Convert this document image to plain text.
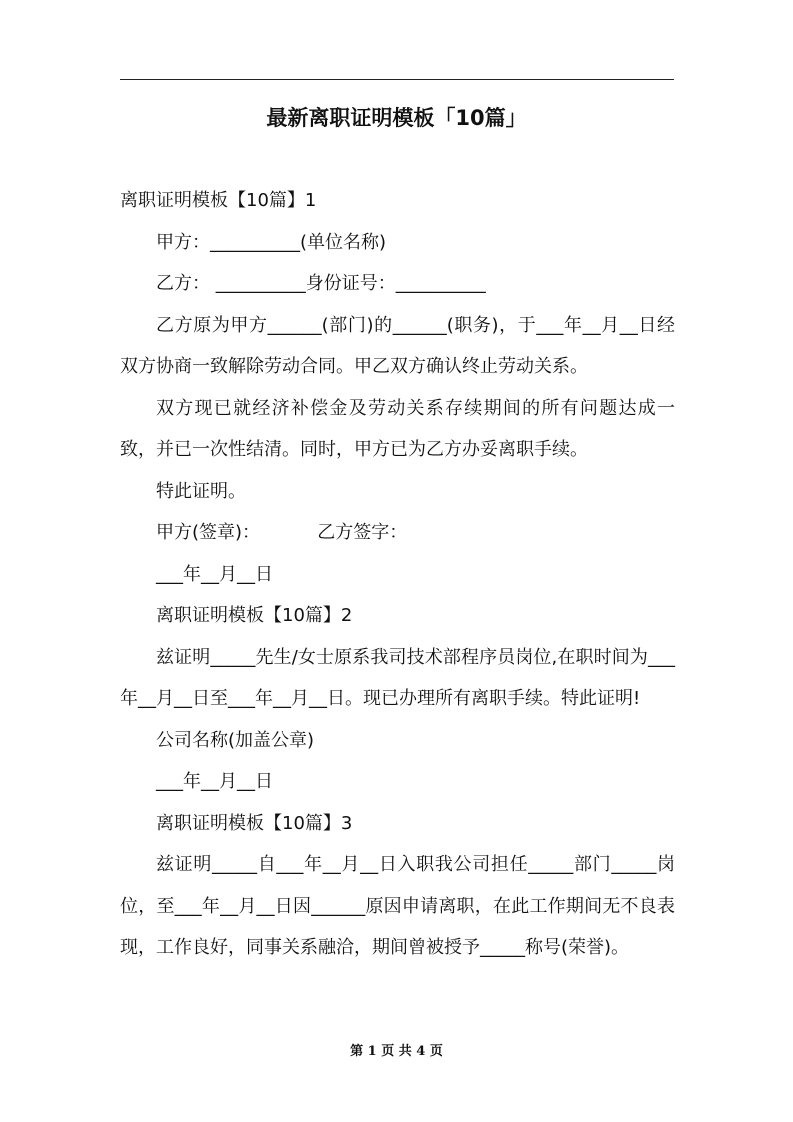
最新离职证明模板「10篇」

离职证明模板【10篇】1

甲方：__________(单位名称)

乙方： __________身份证号：__________

乙方原为甲方______(部门)的______(职务)，于___年__月__日经双方协商一致解除劳动合同。甲乙双方确认终止劳动关系。

双方现已就经济补偿金及劳动关系存续期间的所有问题达成一致，并已一次性结清。同时，甲方已为乙方办妥离职手续。

特此证明。

甲方(签章)：          乙方签字：

___年__月__日

离职证明模板【10篇】2

兹证明_____先生/女士原系我司技术部程序员岗位,在职时间为___年__月__日至___年__月__日。现已办理所有离职手续。特此证明!

公司名称(加盖公章)

___年__月__日

离职证明模板【10篇】3

兹证明_____自___年__月__日入职我公司担任_____部门_____岗位，至___年__月__日因______原因申请离职，在此工作期间无不良表现，工作良好，同事关系融洽，期间曾被授予_____称号(荣誉)。

第 1 页 共 4 页
